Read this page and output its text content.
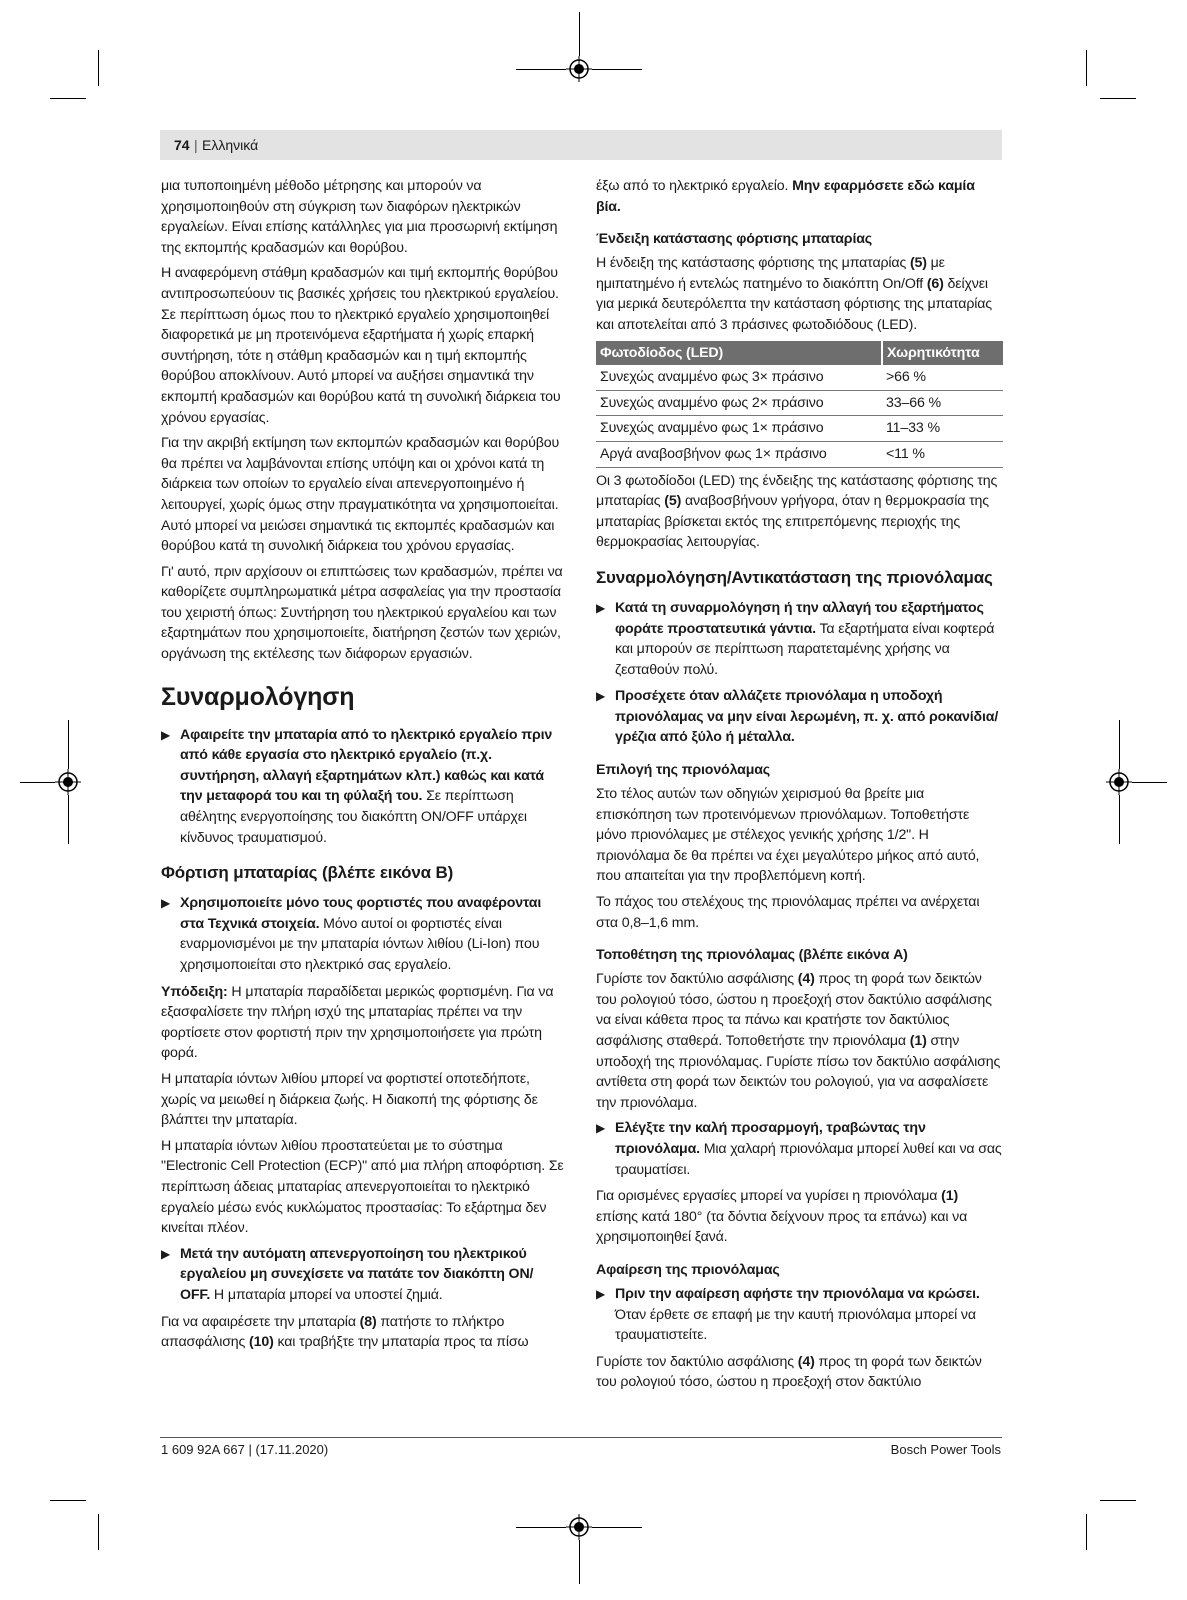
74 | Ελληνικά

μια τυποποιημένη μέθοδο μέτρησης και μπορούν να χρησιμοποιηθούν στη σύγκριση των διαφόρων ηλεκτρικών εργαλείων. Είναι επίσης κατάλληλες για μια προσωρινή εκτίμηση της εκπομπής κραδασμών και θορύβου.

Η αναφερόμενη στάθμη κραδασμών και τιμή εκπομπής θορύβου αντιπροσωπεύουν τις βασικές χρήσεις του ηλεκτρικού εργαλείου. Σε περίπτωση όμως που το ηλεκτρικό εργαλείο χρησιμοποιηθεί διαφορετικά με μη προτεινόμενα εξαρτήματα ή χωρίς επαρκή συντήρηση, τότε η στάθμη κραδασμών και η τιμή εκπομπής θορύβου αποκλίνουν. Αυτό μπορεί να αυξήσει σημαντικά την εκπομπή κραδασμών και θορύβου κατά τη συνολική διάρκεια του χρόνου εργασίας.

Για την ακριβή εκτίμηση των εκπομπών κραδασμών και θορύβου θα πρέπει να λαμβάνονται επίσης υπόψη και οι χρόνοι κατά τη διάρκεια των οποίων το εργαλείο είναι απενεργοποιημένο ή λειτουργεί, χωρίς όμως στην πραγματικότητα να χρησιμοποιείται. Αυτό μπορεί να μειώσει σημαντικά τις εκπομπές κραδασμών και θορύβου κατά τη συνολική διάρκεια του χρόνου εργασίας.

Γι' αυτό, πριν αρχίσουν οι επιπτώσεις των κραδασμών, πρέπει να καθορίζετε συμπληρωματικά μέτρα ασφαλείας για την προστασία του χειριστή όπως: Συντήρηση του ηλεκτρικού εργαλείου και των εξαρτημάτων που χρησιμοποιείτε, διατήρηση ζεστών των χεριών, οργάνωση της εκτέλεσης των διάφορων εργασιών.

Συναρμολόγηση
▶ Αφαιρείτε την μπαταρία από το ηλεκτρικό εργαλείο πριν από κάθε εργασία στο ηλεκτρικό εργαλείο (π.χ. συντήρηση, αλλαγή εξαρτημάτων κλπ.) καθώς και κατά την μεταφορά του και τη φύλαξή του. Σε περίπτωση αθέλητης ενεργοποίησης του διακόπτη ON/OFF υπάρχει κίνδυνος τραυματισμού.
Φόρτιση μπαταρίας (βλέπε εικόνα B)
▶ Χρησιμοποιείτε μόνο τους φορτιστές που αναφέρονται στα Τεχνικά στοιχεία. Μόνο αυτοί οι φορτιστές είναι εναρμονισμένοι με την μπαταρία ιόντων λιθίου (Li-Ion) που χρησιμοποιείται στο ηλεκτρικό σας εργαλείο.

Υπόδειξη: Η μπαταρία παραδίδεται μερικώς φορτισμένη. Για να εξασφαλίσετε την πλήρη ισχύ της μπαταρίας πρέπει να την φορτίσετε στον φορτιστή πριν την χρησιμοποιήσετε για πρώτη φορά.

Η μπαταρία ιόντων λιθίου μπορεί να φορτιστεί οποτεδήποτε, χωρίς να μειωθεί η διάρκεια ζωής. Η διακοπή της φόρτισης δε βλάπτει την μπαταρία.

Η μπαταρία ιόντων λιθίου προστατεύεται με το σύστημα "Electronic Cell Protection (ECP)" από μια πλήρη αποφόρτιση. Σε περίπτωση άδειας μπαταρίας απενεργοποιείται το ηλεκτρικό εργαλείο μέσω ενός κυκλώματος προστασίας: Το εξάρτημα δεν κινείται πλέον.

▶ Μετά την αυτόματη απενεργοποίηση του ηλεκτρικού εργαλείου μη συνεχίσετε να πατάτε τον διακόπτη ON/ OFF. Η μπαταρία μπορεί να υποστεί ζημιά.

Για να αφαιρέσετε την μπαταρία (8) πατήστε το πλήκτρο απασφάλισης (10) και τραβήξτε την μπαταρία προς τα πίσω

έξω από το ηλεκτρικό εργαλείο. Μην εφαρμόσετε εδώ καμία βία.

Ένδειξη κατάστασης φόρτισης μπαταρίας

Η ένδειξη της κατάστασης φόρτισης της μπαταρίας (5) με ημιπατημένο ή εντελώς πατημένο το διακόπτη On/Off (6) δείχνει για μερικά δευτερόλεπτα την κατάσταση φόρτισης της μπαταρίας και αποτελείται από 3 πράσινες φωτοδιόδους (LED).

Φωτοδίοδος (LED)	Χωρητικότητα
Συνεχώς αναμμένο φως 3× πράσινο	>66 %
Συνεχώς αναμμένο φως 2× πράσινο	33–66 %
Συνεχώς αναμμένο φως 1× πράσινο	11–33 %
Αργά αναβοσβήνον φως 1× πράσινο	<11 %

Οι 3 φωτοδίοδοι (LED) της ένδειξης της κατάστασης φόρτισης της μπαταρίας (5) αναβοσβήνουν γρήγορα, όταν η θερμοκρασία της μπαταρίας βρίσκεται εκτός της επιτρεπόμενης περιοχής της θερμοκρασίας λειτουργίας.

Συναρμολόγηση/Αντικατάσταση της πριονόλαμας
▶ Κατά τη συναρμολόγηση ή την αλλαγή του εξαρτήματος φοράτε προστατευτικά γάντια. Τα εξαρτήματα είναι κοφτερά και μπορούν σε περίπτωση παρατεταμένης χρήσης να ζεσταθούν πολύ.
▶ Προσέχετε όταν αλλάζετε πριονόλαμα η υποδοχή πριονόλαμας να μην είναι λερωμένη, π. χ. από ροκανίδια/γρέζια από ξύλο ή μέταλλα.
Επιλογή της πριονόλαμας

Στο τέλος αυτών των οδηγιών χειρισμού θα βρείτε μια επισκόπηση των προτεινόμενων πριονόλαμων. Τοποθετήστε μόνο πριονόλαμες με στέλεχος γενικής χρήσης 1/2". Η πριονόλαμα δε θα πρέπει να έχει μεγαλύτερο μήκος από αυτό, που απαιτείται για την προβλεπόμενη κοπή.

Το πάχος του στελέχους της πριονόλαμας πρέπει να ανέρχεται στα 0,8–1,6 mm.

Τοποθέτηση της πριονόλαμας (βλέπε εικόνα A)

Γυρίστε τον δακτύλιο ασφάλισης (4) προς τη φορά των δεικτών του ρολογιού τόσο, ώστου η προεξοχή στον δακτύλιο ασφάλισης να είναι κάθετα προς τα πάνω και κρατήστε τον δακτύλιος ασφάλισης σταθερά. Τοποθετήστε την πριονόλαμα (1) στην υποδοχή της πριονόλαμας. Γυρίστε πίσω τον δακτύλιο ασφάλισης αντίθετα στη φορά των δεικτών του ρολογιού, για να ασφαλίσετε την πριονόλαμα.

▶ Ελέγξτε την καλή προσαρμογή, τραβώντας την πριονόλαμα. Μια χαλαρή πριονόλαμα μπορεί λυθεί και να σας τραυματίσει.

Για ορισμένες εργασίες μπορεί να γυρίσει η πριονόλαμα (1) επίσης κατά 180° (τα δόντια δείχνουν προς τα επάνω) και να χρησιμοποιηθεί ξανά.

Αφαίρεση της πριονόλαμας
▶ Πριν την αφαίρεση αφήστε την πριονόλαμα να κρώσει. Όταν έρθετε σε επαφή με την καυτή πριονόλαμα μπορεί να τραυματιστείτε.

Γυρίστε τον δακτύλιο ασφάλισης (4) προς τη φορά των δεικτών του ρολογιού τόσο, ώστου η προεξοχή στον δακτύλιο

1 609 92A 667 | (17.11.2020)	Bosch Power Tools
